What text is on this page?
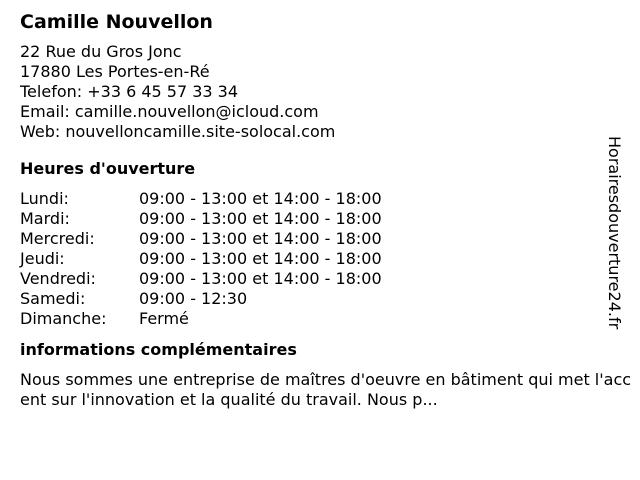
Camille Nouvellon
22 Rue du Gros Jonc
17880 Les Portes-en-Ré
Telefon: +33 6 45 57 33 34
Email: camille.nouvellon@icloud.com
Web: nouvelloncamille.site-solocal.com
Heures d'ouverture
Lundi:	09:00 - 13:00 et 14:00 - 18:00
Mardi:	09:00 - 13:00 et 14:00 - 18:00
Mercredi:	09:00 - 13:00 et 14:00 - 18:00
Jeudi:	09:00 - 13:00 et 14:00 - 18:00
Vendredi:	09:00 - 13:00 et 14:00 - 18:00
Samedi:	09:00 - 12:30
Dimanche:	Fermé
informations complémentaires
Nous sommes une entreprise de maîtres d'oeuvre en bâtiment qui met l'accent sur l'innovation et la qualité du travail. Nous p...
Horairesdouverture24.fr
